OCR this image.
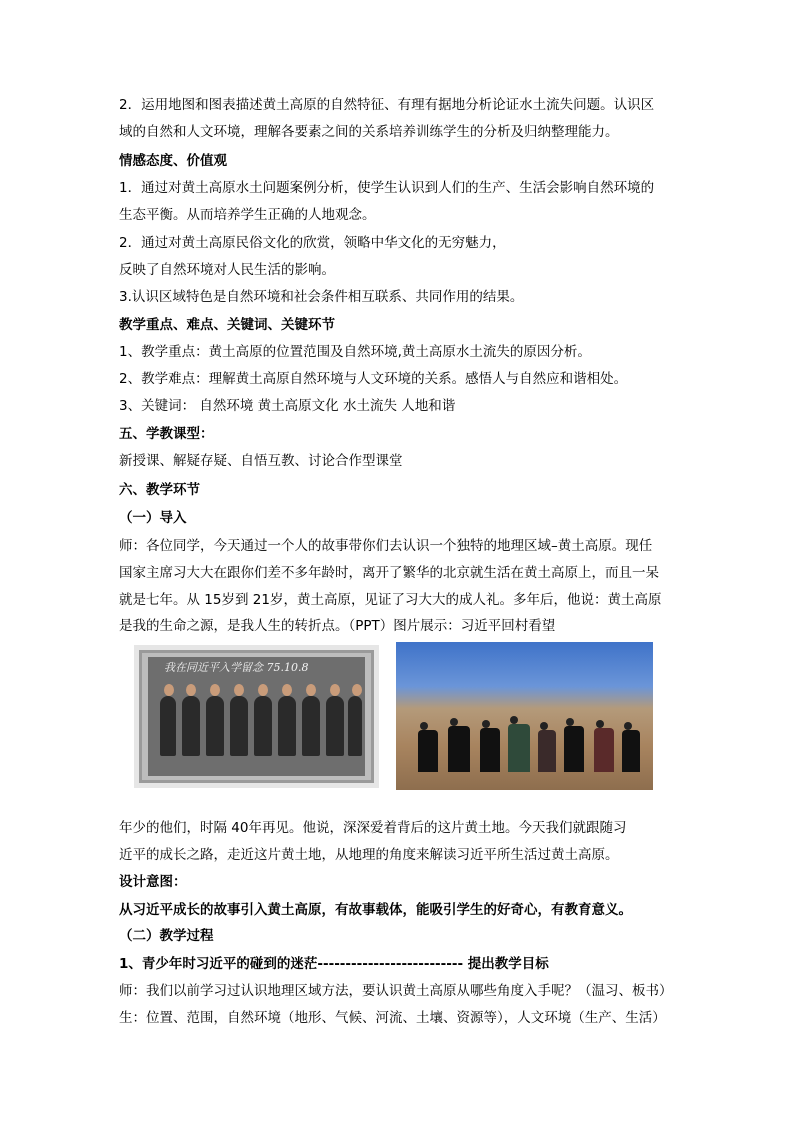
2．运用地图和图表描述黄土高原的自然特征、有理有据地分析论证水土流失问题。认识区
域的自然和人文环境，理解各要素之间的关系培养训练学生的分析及归纳整理能力。
情感态度、价值观
1．通过对黄土高原水土问题案例分析，使学生认识到人们的生产、生活会影响自然环境的
生态平衡。从而培养学生正确的人地观念。
2．通过对黄土高原民俗文化的欣赏，领略中华文化的无穷魅力，
反映了自然环境对人民生活的影响。
3.认识区域特色是自然环境和社会条件相互联系、共同作用的结果。
教学重点、难点、关键词、关键环节
1、教学重点：黄土高原的位置范围及自然环境,黄土高原水土流失的原因分析。
2、教学难点：理解黄土高原自然环境与人文环境的关系。感悟人与自然应和谐相处。
3、关键词： 自然环境 黄土高原文化 水土流失 人地和谐
五、学教课型：
新授课、解疑存疑、自悟互教、讨论合作型课堂
六、教学环节
（一）导入
师：各位同学，今天通过一个人的故事带你们去认识一个独特的地理区域–黄土高原。现任
国家主席习大大在跟你们差不多年龄时，离开了繁华的北京就生活在黄土高原上，而且一呆
就是七年。从 15岁到 21岁，黄土高原，见证了习大大的成人礼。多年后，他说：黄土高原
是我的生命之源，是我人生的转折点。（PPT）图片展示：习近平回村看望
年少的他们，时隔 40年再见。他说，深深爱着背后的这片黄土地。今天我们就跟随习
近平的成长之路，走近这片黄土地，从地理的角度来解读习近平所生活过黄土高原。
设计意图：
从习近平成长的故事引入黄土高原，有故事载体，能吸引学生的好奇心，有教育意义。
（二）教学过程
1、青少年时习近平的碰到的迷茫-------------------------- 提出教学目标
师：我们以前学习过认识地理区域方法，要认识黄土高原从哪些角度入手呢？（温习、板书）
生：位置、范围，自然环境（地形、气候、河流、土壤、资源等），人文环境（生产、生活）
我在同近平入学留念 75.10.8
